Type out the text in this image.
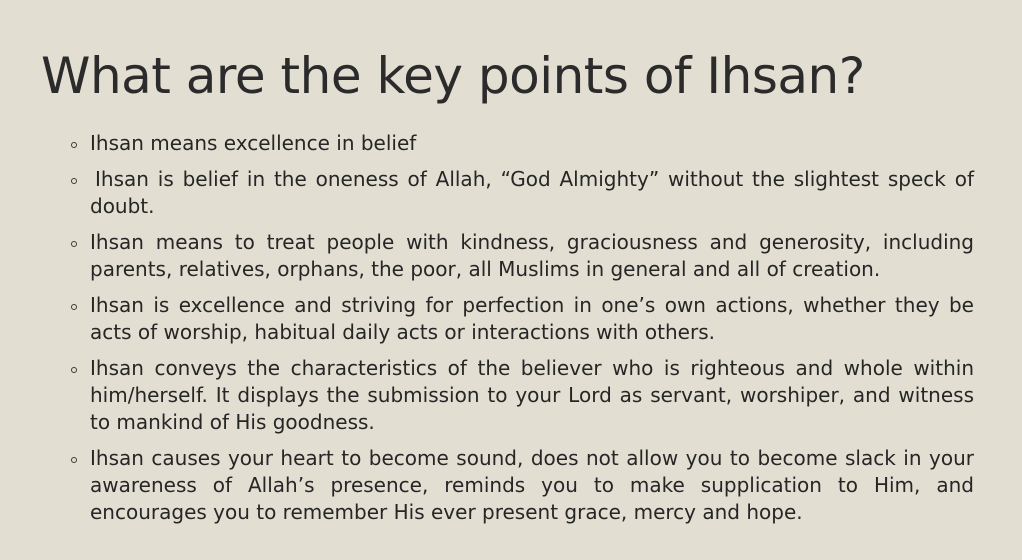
What are the key points of Ihsan?
Ihsan means excellence in belief
Ihsan is belief in the oneness of Allah, “God Almighty” without the slightest speck of doubt.
Ihsan means to treat people with kindness, graciousness and generosity, including parents, relatives, orphans, the poor, all Muslims in general and all of creation.
Ihsan is excellence and striving for perfection in one’s own actions, whether they be acts of worship, habitual daily acts or interactions with others.
Ihsan conveys the characteristics of the believer who is righteous and whole within him/herself. It displays the submission to your Lord as servant, worshiper, and witness to mankind of His goodness.
Ihsan causes your heart to become sound, does not allow you to become slack in your awareness of Allah’s presence, reminds you to make supplication to Him, and encourages you to remember His ever present grace, mercy and hope.
